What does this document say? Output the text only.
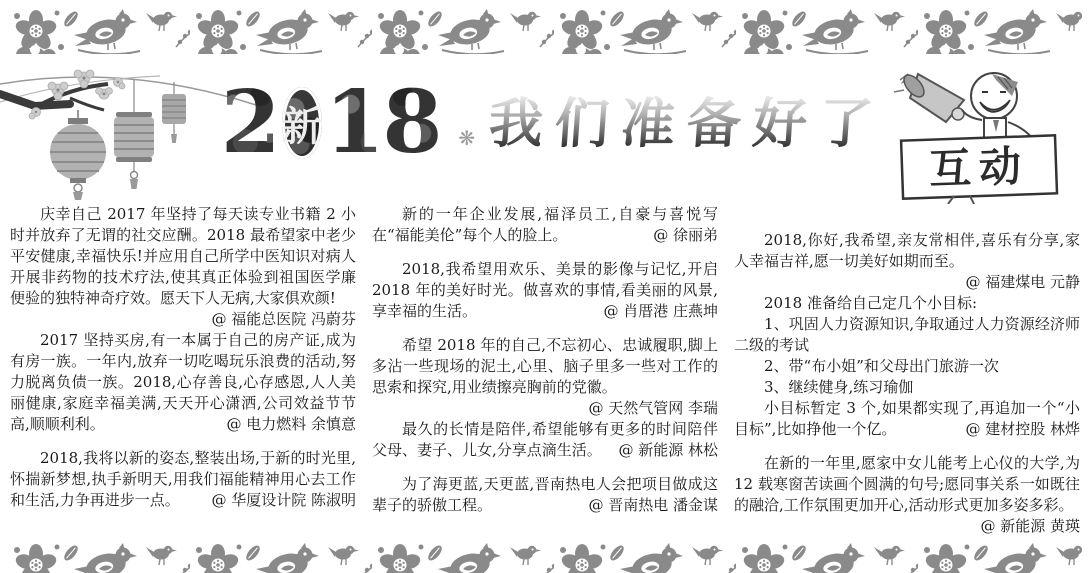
2 新 18 ❋ 我们准备好了
互动

庆幸自己 2017 年坚持了每天读专业书籍 2 小时并放弃了无谓的社交应酬。2018 最希望家中老少平安健康,幸福快乐!并应用自己所学中医知识对病人开展非药物的技术疗法,使其真正体验到祖国医学廉便验的独特神奇疗效。愿天下人无病,大家俱欢颜!
@ 福能总医院 冯蔚芬

2017 坚持买房,有一本属于自己的房产证,成为有房一族。一年内,放弃一切吃喝玩乐浪费的活动,努力脱离负债一族。2018,心存善良,心存感恩,人人美丽健康,家庭幸福美满,天天开心潇洒,公司效益节节高,顺顺利利。	@ 电力燃料 余慎意

2018,我将以新的姿态,整装出场,于新的时光里,怀揣新梦想,执手新明天,用我们福能精神用心去工作和生活,力争再进步一点。 @ 华厦设计院 陈淑明

新的一年企业发展,福泽员工,自豪与喜悦写在“福能美伦”每个人的脸上。	@ 徐丽弟

2018,我希望用欢乐、美景的影像与记忆,开启 2018 年的美好时光。做喜欢的事情,看美丽的风景,享幸福的生活。	@ 肖厝港 庄燕坤

希望 2018 年的自己,不忘初心、忠诚履职,脚上多沾一些现场的泥土,心里、脑子里多一些对工作的思索和探究,用业绩擦亮胸前的党徽。
@ 天然气管网 李瑞

最久的长情是陪伴,希望能够有更多的时间陪伴父母、妻子、儿女,分享点滴生活。 @ 新能源 林松

为了海更蓝,天更蓝,晋南热电人会把项目做成这辈子的骄傲工程。	@ 晋南热电 潘金谋

2018,你好,我希望,亲友常相伴,喜乐有分享,家人幸福吉祥,愿一切美好如期而至。
@ 福建煤电 元静

2018 准备给自己定几个小目标:

1、巩固人力资源知识,争取通过人力资源经济师二级的考试

2、带“布小姐”和父母出门旅游一次

3、继续健身,练习瑜伽

小目标暂定 3 个,如果都实现了,再追加一个“小目标”,比如挣他一个亿。	@ 建材控股 林烨

在新的一年里,愿家中女儿能考上心仪的大学,为 12 载寒窗苦读画个圆满的句号;愿同事关系一如既往的融洽,工作氛围更加开心,活动形式更加多姿多彩。
@ 新能源 黄瑛
